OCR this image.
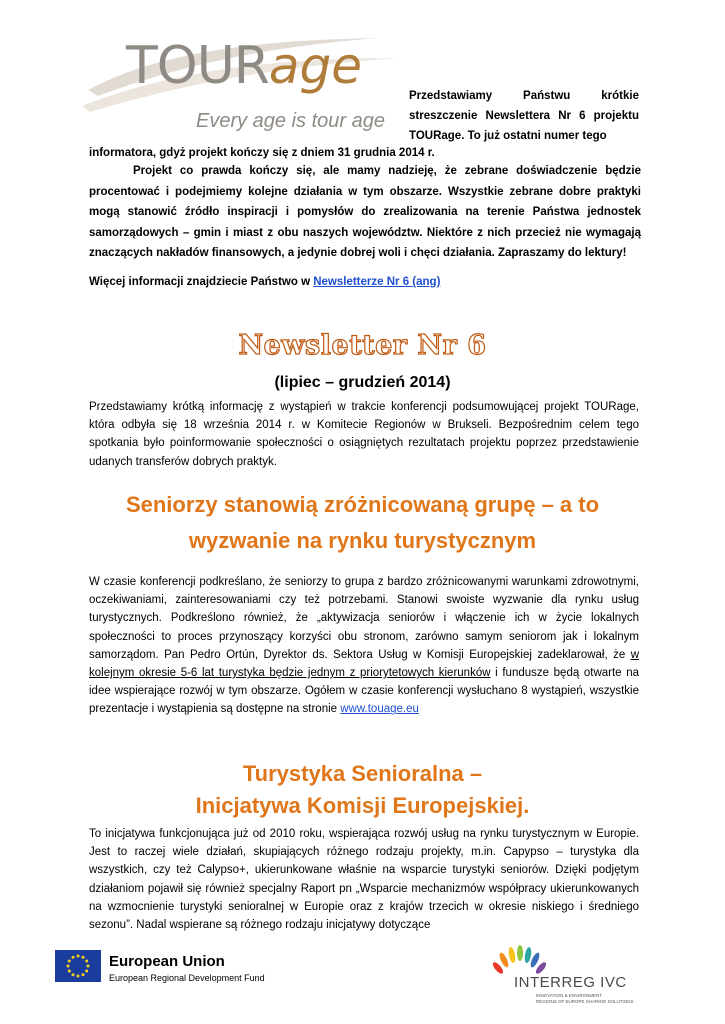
TOURage
Every age is tour age
Przedstawiamy Państwu krótkie streszczenie Newslettera Nr 6 projektu TOURage. To już ostatni numer tego
informatora, gdyż projekt kończy się z dniem 31 grudnia 2014 r.
Projekt co prawda kończy się, ale mamy nadzieję, że zebrane doświadczenie będzie procentować i podejmiemy kolejne działania w tym obszarze. Wszystkie zebrane dobre praktyki mogą stanowić źródło inspiracji i pomysłów do zrealizowania na terenie Państwa jednostek samorządowych – gmin i miast z obu naszych województw. Niektóre z nich przecież nie wymagają znaczących nakładów finansowych, a jedynie dobrej woli i chęci działania. Zapraszamy do lektury!
Więcej informacji znajdziecie Państwo w Newsletterze Nr 6 (ang)
Newsletter Nr 6
(lipiec – grudzień 2014)
Przedstawiamy krótką informację z wystąpień w trakcie konferencji podsumowującej projekt TOURage, która odbyła się 18 września 2014 r. w Komitecie Regionów w Brukseli. Bezpośrednim celem tego spotkania było poinformowanie społeczności o osiągniętych rezultatach projektu poprzez przedstawienie udanych transferów dobrych praktyk.
Seniorzy stanowią zróżnicowaną grupę – a to
wyzwanie na rynku turystycznym
W czasie konferencji podkreślano, że seniorzy to grupa z bardzo zróżnicowanymi warunkami zdrowotnymi, oczekiwaniami, zainteresowaniami czy też potrzebami. Stanowi swoiste wyzwanie dla rynku usług turystycznych. Podkreślono również, że „aktywizacja seniorów i włączenie ich w życie lokalnych społeczności to proces przynoszący korzyści obu stronom, zarówno samym seniorom jak i lokalnym samorządom. Pan Pedro Ortún, Dyrektor ds. Sektora Usług w Komisji Europejskiej zadeklarował, że w kolejnym okresie 5-6 lat turystyka będzie jednym z priorytetowych kierunków i fundusze będą otwarte na idee wspierające rozwój w tym obszarze. Ogółem w czasie konferencji wysłuchano 8 wystąpień, wszystkie prezentacje i wystąpienia są dostępne na stronie www.touage.eu
Turystyka Senioralna –
Inicjatywa Komisji Europejskiej.
To inicjatywa funkcjonująca już od 2010 roku, wspierająca rozwój usług na rynku turystycznym w Europie. Jest to raczej wiele działań, skupiających różnego rodzaju projekty, m.in. Capypso – turystyka dla wszystkich, czy też Calypso+, ukierunkowane właśnie na wsparcie turystyki seniorów. Dzięki podjętym działaniom pojawił się również specjalny Raport pn „Wsparcie mechanizmów współpracy ukierunkowanych na wzmocnienie turystyki senioralnej w Europie oraz z krajów trzecich w okresie niskiego i średniego sezonu”. Nadal wspierane są różnego rodzaju inicjatywy dotyczące
European Union
European Regional Development Fund	INTERREG IVC
INNOVATION & ENVIRONMENT
REGIONS OF EUROPE SHARING SOLUTIONS
